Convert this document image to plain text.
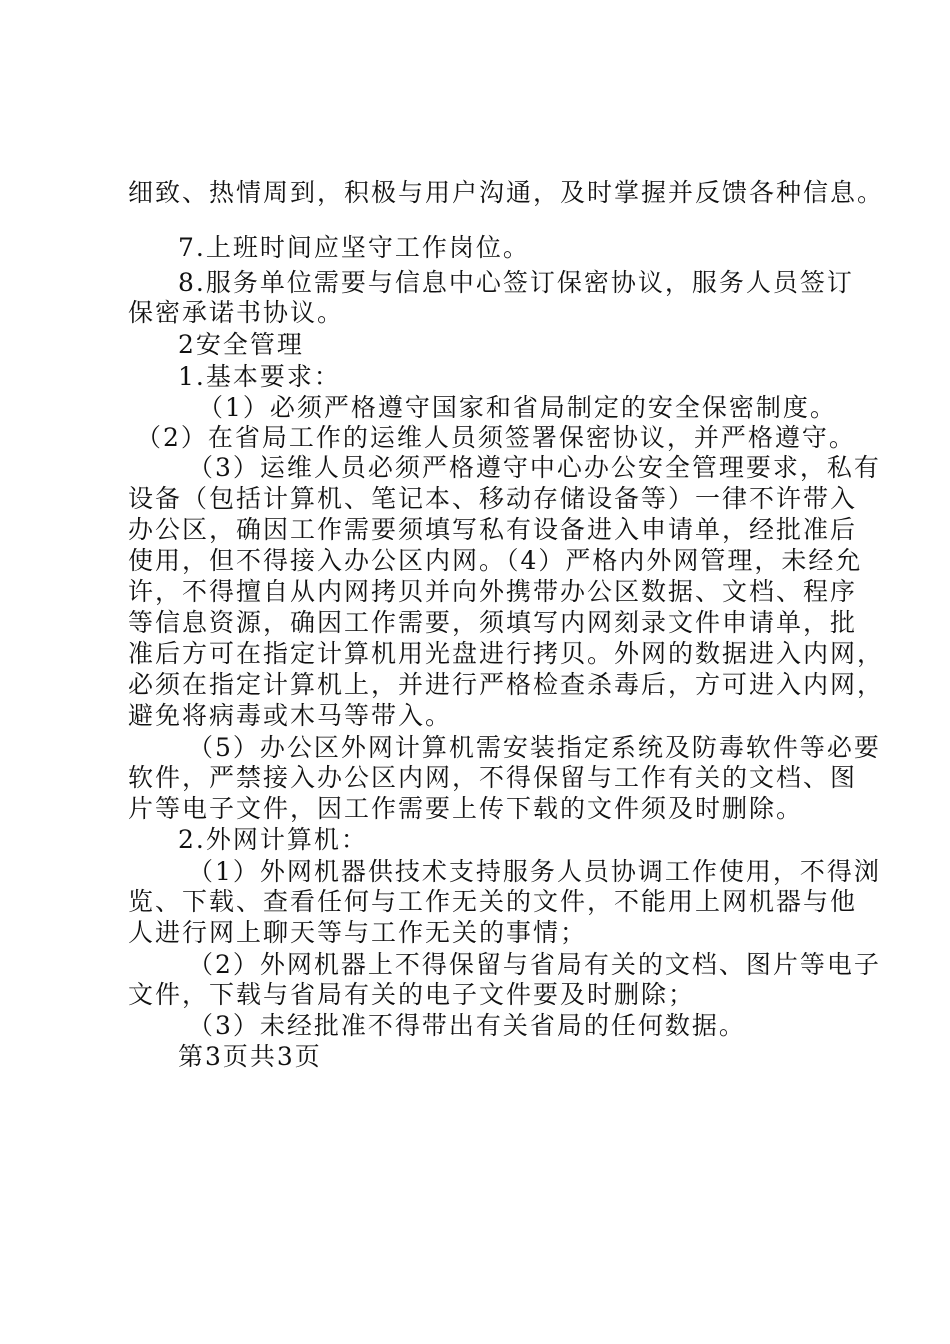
细致、热情周到，积极与用户沟通，及时掌握并反馈各种信息。
7.上班时间应坚守工作岗位。
8.服务单位需要与信息中心签订保密协议，服务人员签订
保密承诺书协议。
2安全管理
1.基本要求：
（1）必须严格遵守国家和省局制定的安全保密制度。
（2）在省局工作的运维人员须签署保密协议，并严格遵守。
（3）运维人员必须严格遵守中心办公安全管理要求，私有
设备（包括计算机、笔记本、移动存储设备等）一律不许带入
办公区，确因工作需要须填写私有设备进入申请单，经批准后
使用，但不得接入办公区内网。（4）严格内外网管理，未经允
许，不得擅自从内网拷贝并向外携带办公区数据、文档、程序
等信息资源，确因工作需要，须填写内网刻录文件申请单，批
准后方可在指定计算机用光盘进行拷贝。外网的数据进入内网，
必须在指定计算机上，并进行严格检查杀毒后，方可进入内网，
避免将病毒或木马等带入。
（5）办公区外网计算机需安装指定系统及防毒软件等必要
软件，严禁接入办公区内网，不得保留与工作有关的文档、图
片等电子文件，因工作需要上传下载的文件须及时删除。
2.外网计算机：
（1）外网机器供技术支持服务人员协调工作使用，不得浏
览、下载、查看任何与工作无关的文件，不能用上网机器与他
人进行网上聊天等与工作无关的事情；
（2）外网机器上不得保留与省局有关的文档、图片等电子
文件，下载与省局有关的电子文件要及时删除；
（3）未经批准不得带出有关省局的任何数据。
第3页共3页
